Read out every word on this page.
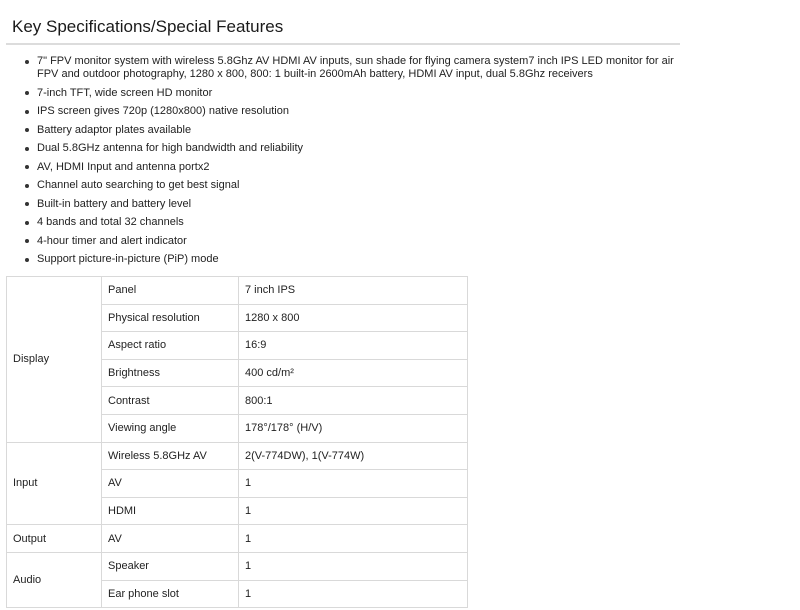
Key Specifications/Special Features
7" FPV monitor system with wireless 5.8Ghz AV HDMI AV inputs, sun shade for flying camera system7 inch IPS LED monitor for air FPV and outdoor photography, 1280 x 800, 800: 1 built-in 2600mAh battery, HDMI AV input, dual 5.8Ghz receivers
7-inch TFT, wide screen HD monitor
IPS screen gives 720p (1280x800) native resolution
Battery adaptor plates available
Dual 5.8GHz antenna for high bandwidth and reliability
AV, HDMI Input and antenna portx2
Channel auto searching to get best signal
Built-in battery and battery level
4 bands and total 32 channels
4-hour timer and alert indicator
Support picture-in-picture (PiP) mode
Display	Panel	7 inch IPS
	Physical resolution	1280 x 800
	Aspect ratio	16:9
	Brightness	400 cd/m²
	Contrast	800:1
	Viewing angle	178°/178° (H/V)
Input	Wireless 5.8GHz AV	2(V-774DW), 1(V-774W)
	AV	1
	HDMI	1
Output	AV	1
Audio	Speaker	1
	Ear phone slot	1
